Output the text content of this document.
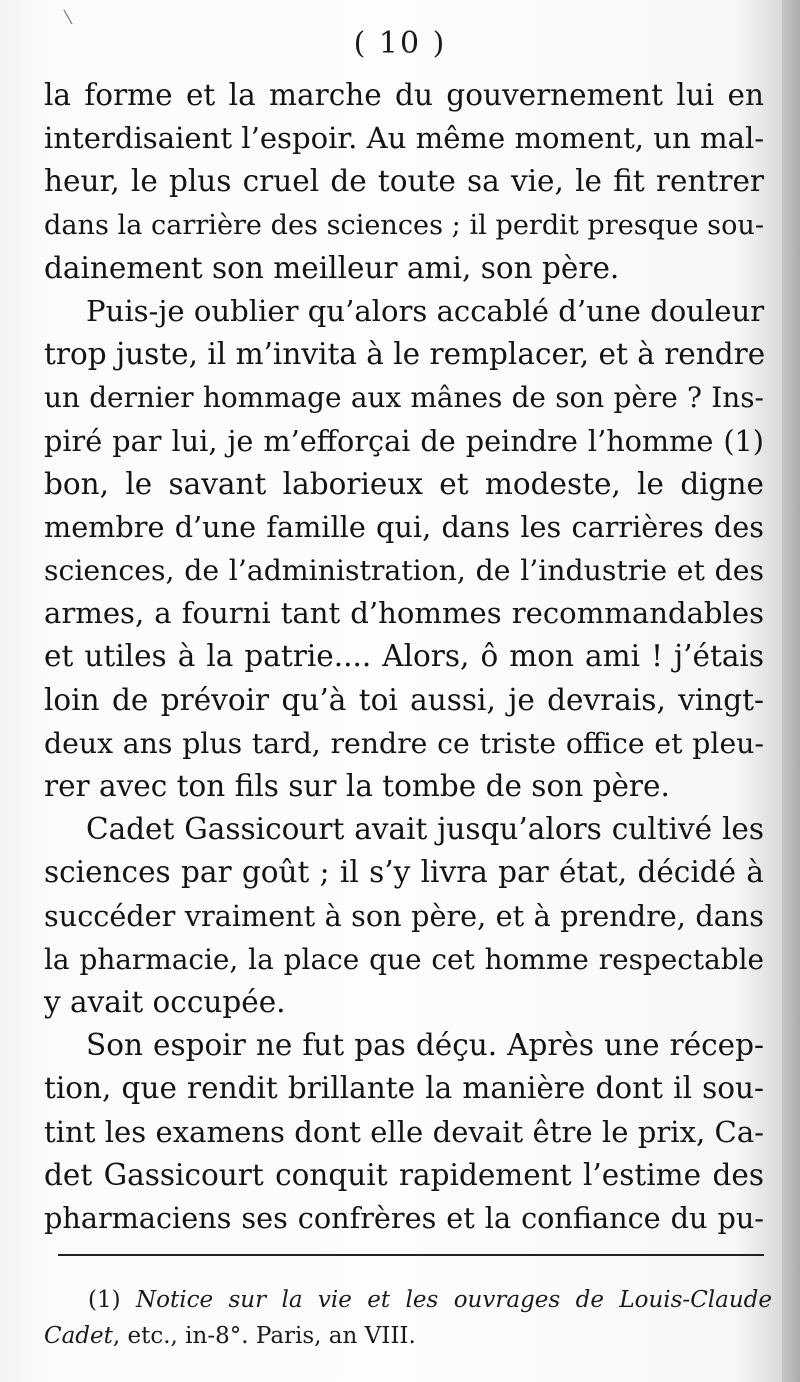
( 10 )
la forme et la marche du gouvernement lui en
interdisaient l’espoir. Au même moment, un mal-
heur, le plus cruel de toute sa vie, le fit rentrer
dans la carrière des sciences ; il perdit presque sou-
dainement son meilleur ami, son père.
Puis-je oublier qu’alors accablé d’une douleur
trop juste, il m’invita à le remplacer, et à rendre
un dernier hommage aux mânes de son père ? Ins-
piré par lui, je m’efforçai de peindre l’homme (1)
bon, le savant laborieux et modeste, le digne
membre d’une famille qui, dans les carrières des
sciences, de l’administration, de l’industrie et des
armes, a fourni tant d’hommes recommandables
et utiles à la patrie.... Alors, ô mon ami ! j’étais
loin de prévoir qu’à toi aussi, je devrais, vingt-
deux ans plus tard, rendre ce triste office et pleu-
rer avec ton fils sur la tombe de son père.
Cadet Gassicourt avait jusqu’alors cultivé les
sciences par goût ; il s’y livra par état, décidé à
succéder vraiment à son père, et à prendre, dans
la pharmacie, la place que cet homme respectable
y avait occupée.
Son espoir ne fut pas déçu. Après une récep-
tion, que rendit brillante la manière dont il sou-
tint les examens dont elle devait être le prix, Ca-
det Gassicourt conquit rapidement l’estime des
pharmaciens ses confrères et la confiance du pu-
(1) Notice sur la vie et les ouvrages de Louis-Claude
Cadet, etc., in-8°. Paris, an VIII.
